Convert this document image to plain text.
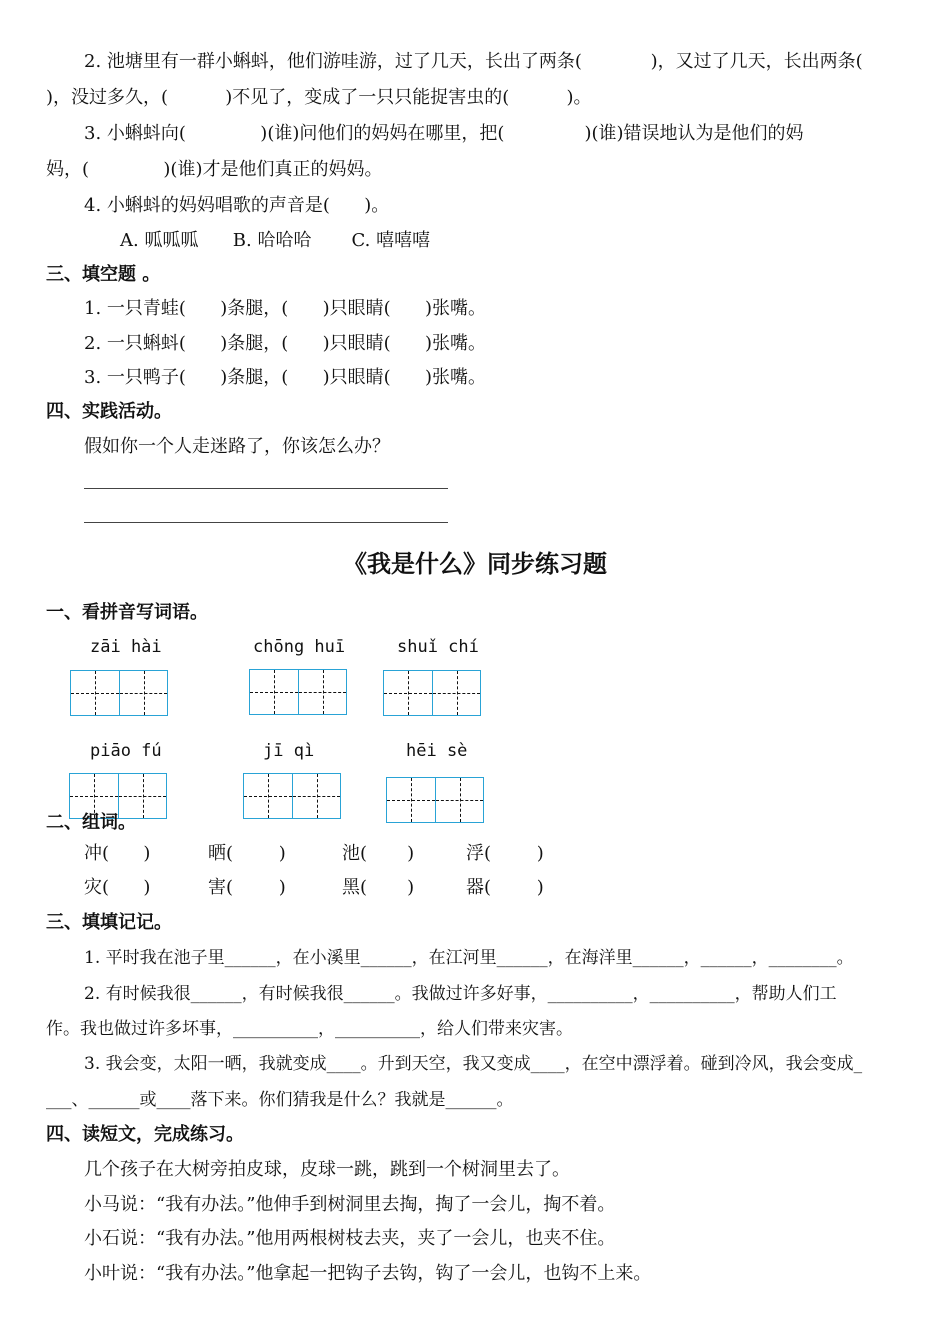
2. 池塘里有一群小蝌蚪，他们游哇游，过了几天，长出了两条(            )，又过了几天，长出两条(
)，没过多久，(          )不见了，变成了一只只能捉害虫的(          )。
3. 小蝌蚪向(             )(谁)问他们的妈妈在哪里，把(              )(谁)错误地认为是他们的妈
妈，(             )(谁)才是他们真正的妈妈。
4. 小蝌蚪的妈妈唱歌的声音是(      )。
A. 呱呱呱      B. 哈哈哈       C. 嘻嘻嘻
三、填空题 。
1. 一只青蛙(      )条腿，(      )只眼睛(      )张嘴。
2. 一只蝌蚪(      )条腿，(      )只眼睛(      )张嘴。
3. 一只鸭子(      )条腿，(      )只眼睛(      )张嘴。
四、实践活动。
假如你一个人走迷路了，你该怎么办？
《我是什么》同步练习题
一、看拼音写词语。
zāi hài	chōng huī	shuǐ chí
piāo fú	jī qì	hēi sè
二、组词。
冲(      )	晒(        )	池(       )	浮(        )
灾(      )	害(        )	黑(       )	器(        )
三、填填记记。
1. 平时我在池子里______，在小溪里______，在江河里______，在海洋里______，______，________。
2. 有时候我很______，有时候我很______。我做过许多好事，__________，__________，帮助人们工
作。我也做过许多坏事，__________，__________，给人们带来灾害。
3. 我会变，太阳一晒，我就变成____。升到天空，我又变成____，在空中漂浮着。碰到冷风，我会变成_
___、______或____落下来。你们猜我是什么？我就是______。
四、读短文，完成练习。
几个孩子在大树旁拍皮球，皮球一跳，跳到一个树洞里去了。
小马说：“我有办法。”他伸手到树洞里去掏，掏了一会儿，掏不着。
小石说：“我有办法。”他用两根树枝去夹，夹了一会儿，也夹不住。
小叶说：“我有办法。”他拿起一把钩子去钩，钩了一会儿，也钩不上来。
